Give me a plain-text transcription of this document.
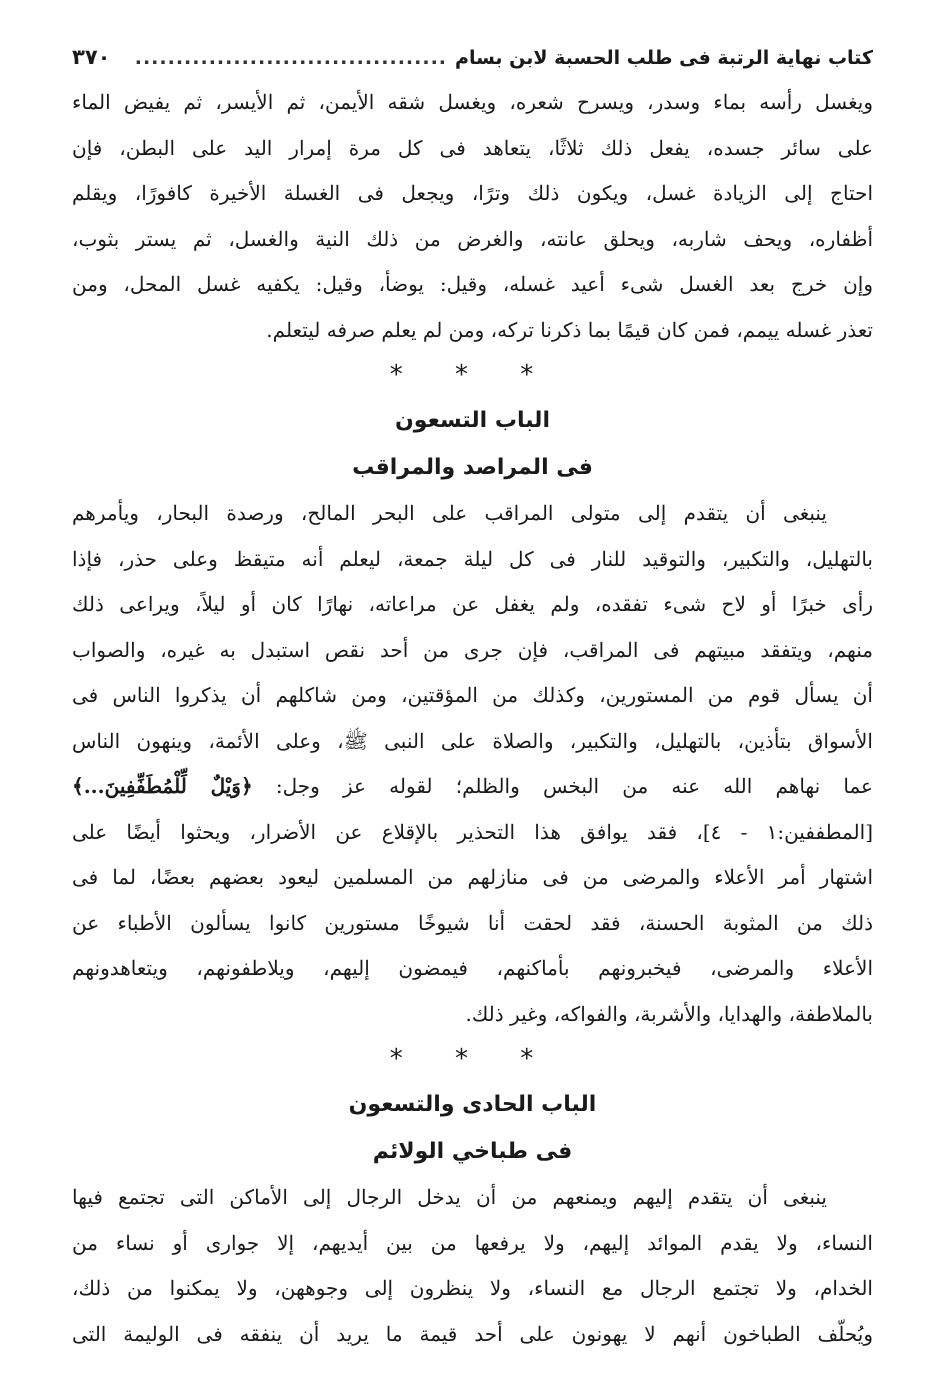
كتاب نهاية الرتبة فى طلب الحسبة لابن بسام
......................................
٣٧٠
ويغسل رأسه بماء وسدر، ويسرح شعره، ويغسل شقه الأيمن، ثم الأيسر، ثم يفيض الماء
على سائر جسده، يفعل ذلك ثلاثًا، يتعاهد فى كل مرة إمرار اليد على البطن، فإن
احتاج إلى الزيادة غسل، ويكون ذلك وترًا، ويجعل فى الغسلة الأخيرة كافورًا، ويقلم
أظفاره، ويحف شاربه، ويحلق عانته، والغرض من ذلك النية والغسل، ثم يستر بثوب،
وإن خرج بعد الغسل شىء أعيد غسله، وقيل: يوضأ، وقيل: يكفيه غسل المحل، ومن
تعذر غسله ييمم، فمن كان قيمًا بما ذكرنا تركه، ومن لم يعلم صرفه ليتعلم.
* * *
الباب التسعون
فى المراصد والمراقب
ينبغى أن يتقدم إلى متولى المراقب على البحر المالح، ورصدة البحار، ويأمرهم
بالتهليل، والتكبير، والتوقيد للنار فى كل ليلة جمعة، ليعلم أنه متيقظ وعلى حذر، فإذا
رأى خبرًا أو لاح شىء تفقده، ولم يغفل عن مراعاته، نهارًا كان أو ليلاً، ويراعى ذلك
منهم، ويتفقد مبيتهم فى المراقب، فإن جرى من أحد نقص استبدل به غيره، والصواب
أن يسأل قوم من المستورين، وكذلك من المؤقتين، ومن شاكلهم أن يذكروا الناس فى
الأسواق بتأذين، بالتهليل، والتكبير، والصلاة على النبى ﷺ، وعلى الأئمة، وينهون الناس
عما نهاهم الله عنه من البخس والظلم؛ لقوله عز وجل: ﴿وَيْلٌ لِّلْمُطَفِّفِينَ...﴾
[المطففين:١ - ٤]، فقد يوافق هذا التحذير بالإقلاع عن الأضرار، ويحثوا أيضًا على
اشتهار أمر الأعلاء والمرضى من فى منازلهم من المسلمين ليعود بعضهم بعضًا، لما فى
ذلك من المثوبة الحسنة، فقد لحقت أنا شيوخًا مستورين كانوا يسألون الأطباء عن
الأعلاء والمرضى، فيخبرونهم بأماكنهم، فيمضون إليهم، ويلاطفونهم، ويتعاهدونهم
بالملاطفة، والهدايا، والأشربة، والفواكه، وغير ذلك.
* * *
الباب الحادى والتسعون
فى طباخي الولائم
ينبغى أن يتقدم إليهم ويمنعهم من أن يدخل الرجال إلى الأماكن التى تجتمع فيها
النساء، ولا يقدم الموائد إليهم، ولا يرفعها من بين أيديهم، إلا جوارى أو نساء من
الخدام، ولا تجتمع الرجال مع النساء، ولا ينظرون إلى وجوههن، ولا يمكنوا من ذلك،
ويُحلّف الطباخون أنهم لا يهونون على أحد قيمة ما يريد أن ينفقه فى الوليمة التى
